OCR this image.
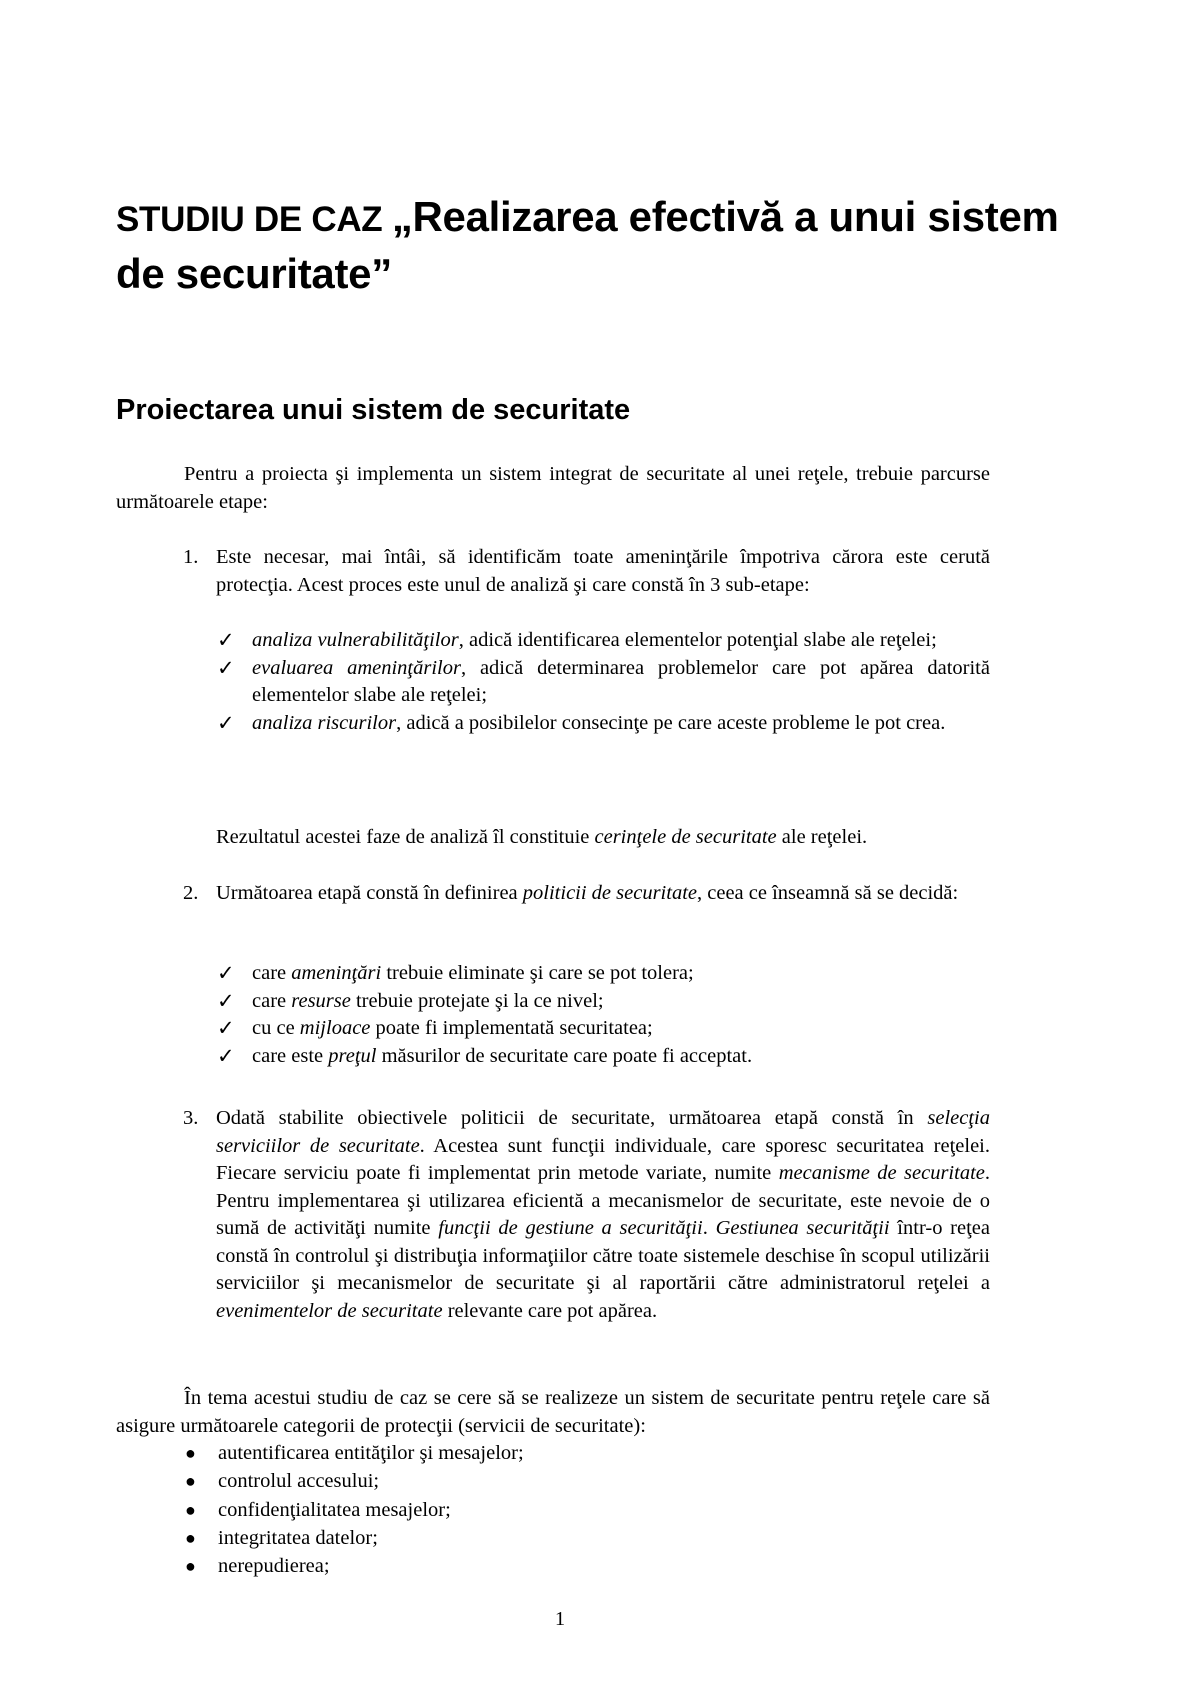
STUDIU DE CAZ „Realizarea efectivă a unui sistem de securitate”
Proiectarea unui sistem de securitate

Pentru a proiecta şi implementa un sistem integrat de securitate al unei reţele, trebuie parcurse următoarele etape:

1. Este necesar, mai întâi, să identificăm toate ameninţările împotriva cărora este cerută protecţia. Acest proces este unul de analiză şi care constă în 3 sub-etape:

✓ analiza vulnerabilităţilor, adică identificarea elementelor potenţial slabe ale reţelei;
✓ evaluarea ameninţărilor, adică determinarea problemelor care pot apărea datorită elementelor slabe ale reţelei;
✓ analiza riscurilor, adică a posibilelor consecinţe pe care aceste probleme le pot crea.

Rezultatul acestei faze de analiză îl constituie cerinţele de securitate ale reţelei.

2. Următoarea etapă constă în definirea politicii de securitate, ceea ce înseamnă să se decidă:

✓ care ameninţări trebuie eliminate şi care se pot tolera;
✓ care resurse trebuie protejate şi la ce nivel;
✓ cu ce mijloace poate fi implementată securitatea;
✓ care este preţul măsurilor de securitate care poate fi acceptat.
3. Odată stabilite obiectivele politicii de securitate, următoarea etapă constă în selecţia serviciilor de securitate. Acestea sunt funcţii individuale, care sporesc securitatea reţelei. Fiecare serviciu poate fi implementat prin metode variate, numite mecanisme de securitate. Pentru implementarea şi utilizarea eficientă a mecanismelor de securitate, este nevoie de o sumă de activităţi numite funcţii de gestiune a securităţii. Gestiunea securităţii într-o reţea constă în controlul şi distribuţia informaţiilor către toate sistemele deschise în scopul utilizării serviciilor şi mecanismelor de securitate şi al raportării către administratorul reţelei a evenimentelor de securitate relevante care pot apărea.

În tema acestui studiu de caz se cere să se realizeze un sistem de securitate pentru reţele care să asigure următoarele categorii de protecţii (servicii de securitate):

● autentificarea entităţilor şi mesajelor;
● controlul accesului;
● confidenţialitatea mesajelor;
● integritatea datelor;
● nerepudierea;
1
